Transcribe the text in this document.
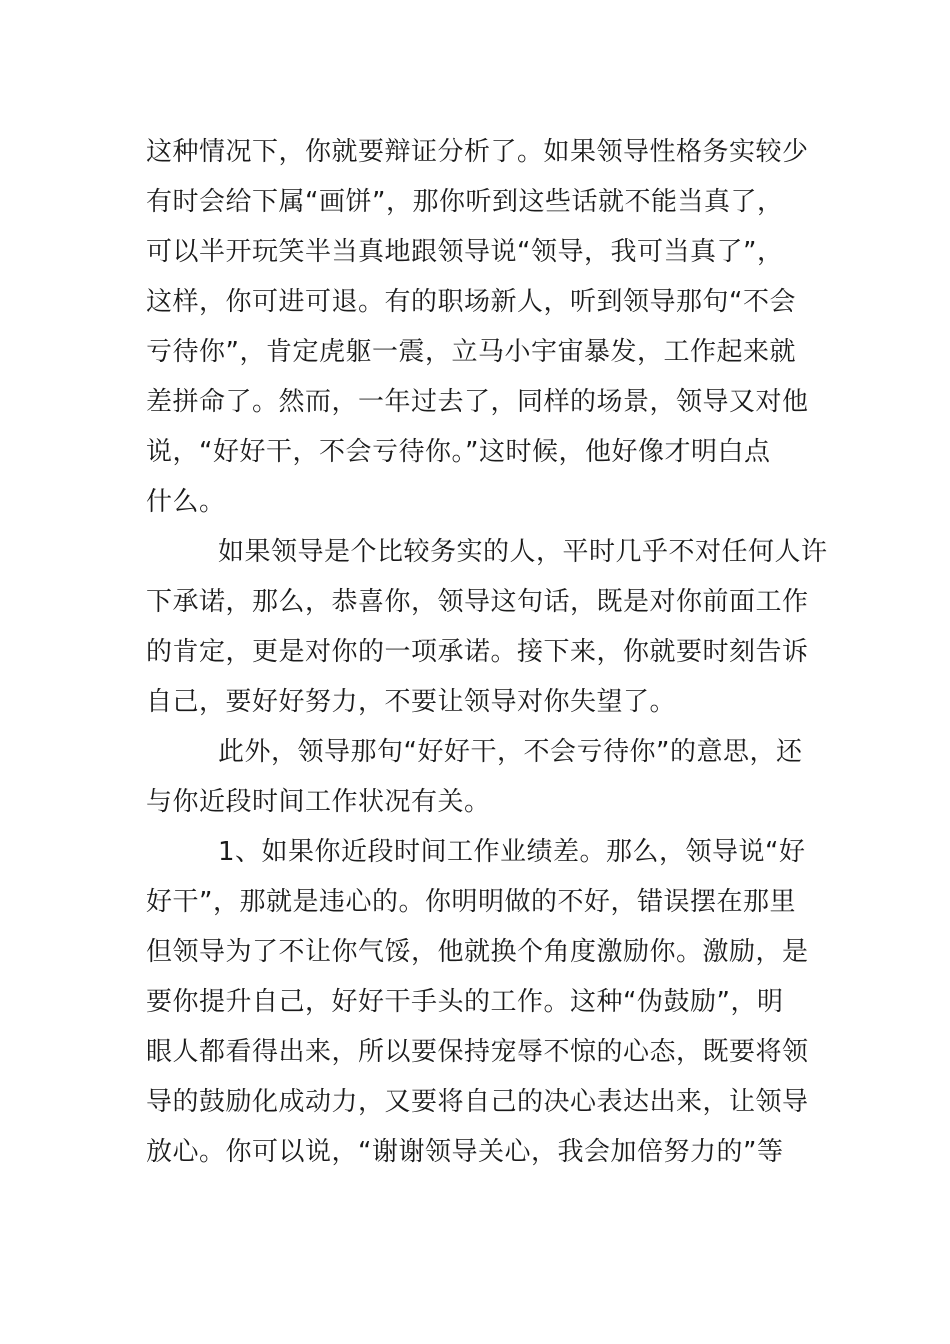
这种情况下，你就要辩证分析了。如果领导性格务实较少
有时会给下属“画饼”，那你听到这些话就不能当真了，
可以半开玩笑半当真地跟领导说“领导，我可当真了”，
这样，你可进可退。有的职场新人，听到领导那句“不会
亏待你”，肯定虎躯一震，立马小宇宙暴发，工作起来就
差拼命了。然而，一年过去了，同样的场景，领导又对他
说，“好好干，不会亏待你。”这时候，他好像才明白点
什么。
如果领导是个比较务实的人，平时几乎不对任何人许
下承诺，那么，恭喜你，领导这句话，既是对你前面工作
的肯定，更是对你的一项承诺。接下来，你就要时刻告诉
自己，要好好努力，不要让领导对你失望了。
此外，领导那句“好好干，不会亏待你”的意思，还
与你近段时间工作状况有关。
1、如果你近段时间工作业绩差。那么，领导说“好
好干”，那就是违心的。你明明做的不好，错误摆在那里
但领导为了不让你气馁，他就换个角度激励你。激励，是
要你提升自己，好好干手头的工作。这种“伪鼓励”，明
眼人都看得出来，所以要保持宠辱不惊的心态，既要将领
导的鼓励化成动力，又要将自己的决心表达出来，让领导
放心。你可以说，“谢谢领导关心，我会加倍努力的”等
